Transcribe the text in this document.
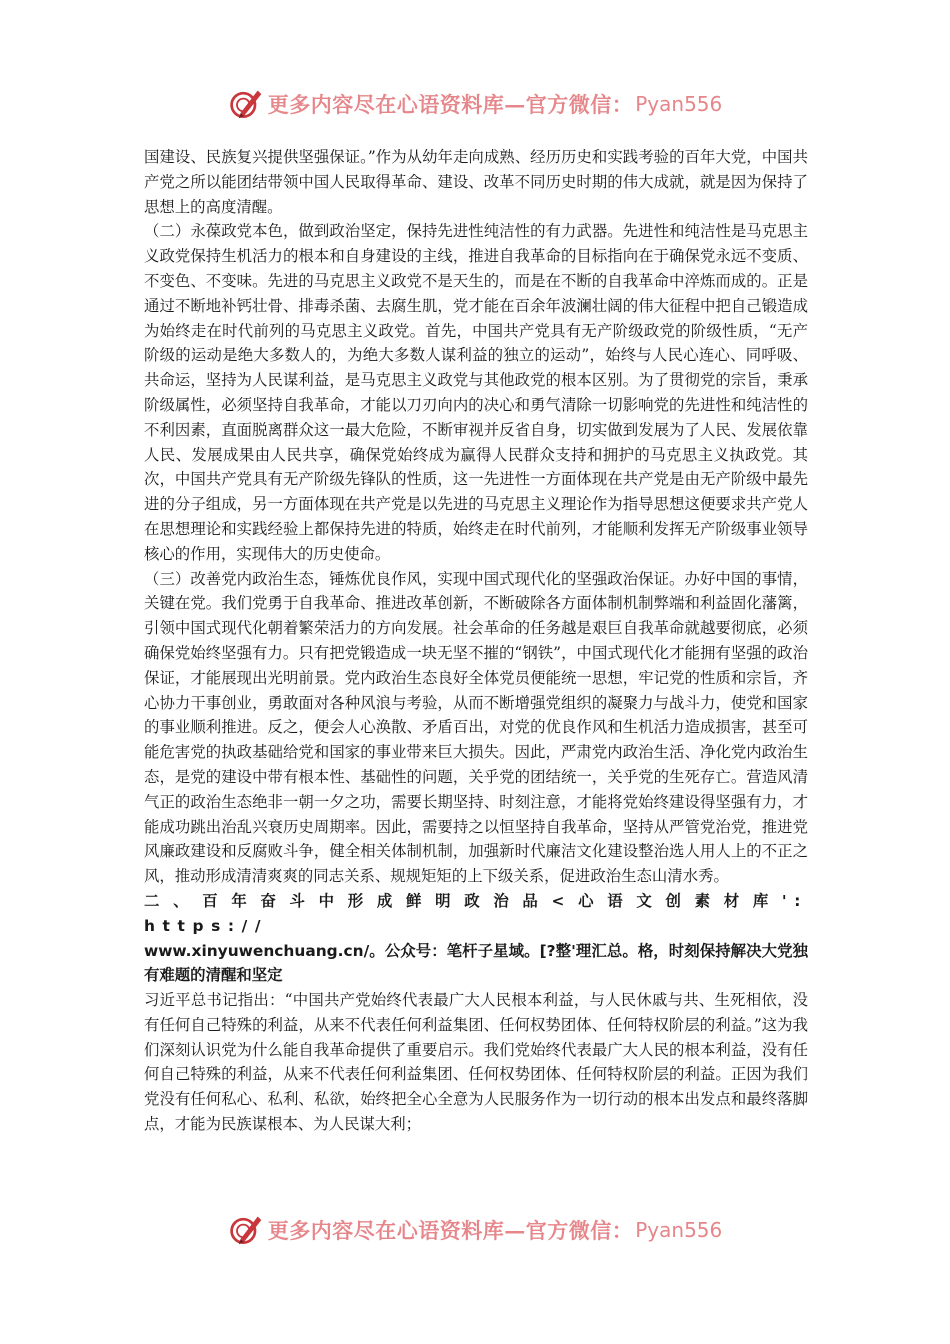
更多内容尽在心语资料库—官方微信： Pyan556

国建设、民族复兴提供坚强保证。”作为从幼年走向成熟、经历历史和实践考验的百年大党，中国共产党之所以能团结带领中国人民取得革命、建设、改革不同历史时期的伟大成就，就是因为保持了思想上的高度清醒。

（二）永葆政党本色，做到政治坚定，保持先进性纯洁性的有力武器。先进性和纯洁性是马克思主义政党保持生机活力的根本和自身建设的主线，推进自我革命的目标指向在于确保党永远不变质、不变色、不变味。先进的马克思主义政党不是天生的，而是在不断的自我革命中淬炼而成的。正是通过不断地补钙壮骨、排毒杀菌、去腐生肌，党才能在百余年波澜壮阔的伟大征程中把自己锻造成为始终走在时代前列的马克思主义政党。首先，中国共产党具有无产阶级政党的阶级性质，“无产阶级的运动是绝大多数人的，为绝大多数人谋利益的独立的运动”，始终与人民心连心、同呼吸、共命运，坚持为人民谋利益，是马克思主义政党与其他政党的根本区别。为了贯彻党的宗旨，秉承阶级属性，必须坚持自我革命，才能以刀刃向内的决心和勇气清除一切影响党的先进性和纯洁性的不利因素，直面脱离群众这一最大危险，不断审视并反省自身，切实做到发展为了人民、发展依靠人民、发展成果由人民共享，确保党始终成为赢得人民群众支持和拥护的马克思主义执政党。其次，中国共产党具有无产阶级先锋队的性质，这一先进性一方面体现在共产党是由无产阶级中最先进的分子组成，另一方面体现在共产党是以先进的马克思主义理论作为指导思想这便要求共产党人在思想理论和实践经验上都保持先进的特质，始终走在时代前列，才能顺利发挥无产阶级事业领导核心的作用，实现伟大的历史使命。

（三）改善党内政治生态，锤炼优良作风，实现中国式现代化的坚强政治保证。办好中国的事情，关键在党。我们党勇于自我革命、推进改革创新，不断破除各方面体制机制弊端和利益固化藩篱，引领中国式现代化朝着繁荣活力的方向发展。社会革命的任务越是艰巨自我革命就越要彻底，必须确保党始终坚强有力。只有把党锻造成一块无坚不摧的“钢铁”，中国式现代化才能拥有坚强的政治保证，才能展现出光明前景。党内政治生态良好全体党员便能统一思想，牢记党的性质和宗旨，齐心协力干事创业，勇敢面对各种风浪与考验，从而不断增强党组织的凝聚力与战斗力，使党和国家的事业顺利推进。反之，便会人心涣散、矛盾百出，对党的优良作风和生机活力造成损害，甚至可能危害党的执政基础给党和国家的事业带来巨大损失。因此，严肃党内政治生活、净化党内政治生态，是党的建设中带有根本性、基础性的问题，关乎党的团结统一，关乎党的生死存亡。营造风清气正的政治生态绝非一朝一夕之功，需要长期坚持、时刻注意，才能将党始终建设得坚强有力，才能成功跳出治乱兴衰历史周期率。因此，需要持之以恒坚持自我革命，坚持从严管党治党，推进党风廉政建设和反腐败斗争，健全相关体制机制，加强新时代廉洁文化建设整治选人用人上的不正之风，推动形成清清爽爽的同志关系、规规矩矩的上下级关系，促进政治生态山清水秀。

二、百年奋斗中形成鲜明政治品<心语文创素材库': https://
www.xinyuwenchuang.cn/。公众号：笔杆子星域。[?整'理汇总。格，时刻保持解决大党独有难题的清醒和坚定

习近平总书记指出：“中国共产党始终代表最广大人民根本利益，与人民休戚与共、生死相依，没有任何自己特殊的利益，从来不代表任何利益集团、任何权势团体、任何特权阶层的利益。”这为我们深刻认识党为什么能自我革命提供了重要启示。我们党始终代表最广大人民的根本利益，没有任何自己特殊的利益，从来不代表任何利益集团、任何权势团体、任何特权阶层的利益。正因为我们党没有任何私心、私利、私欲，始终把全心全意为人民服务作为一切行动的根本出发点和最终落脚点，才能为民族谋根本、为人民谋大利；

更多内容尽在心语资料库—官方微信： Pyan556
